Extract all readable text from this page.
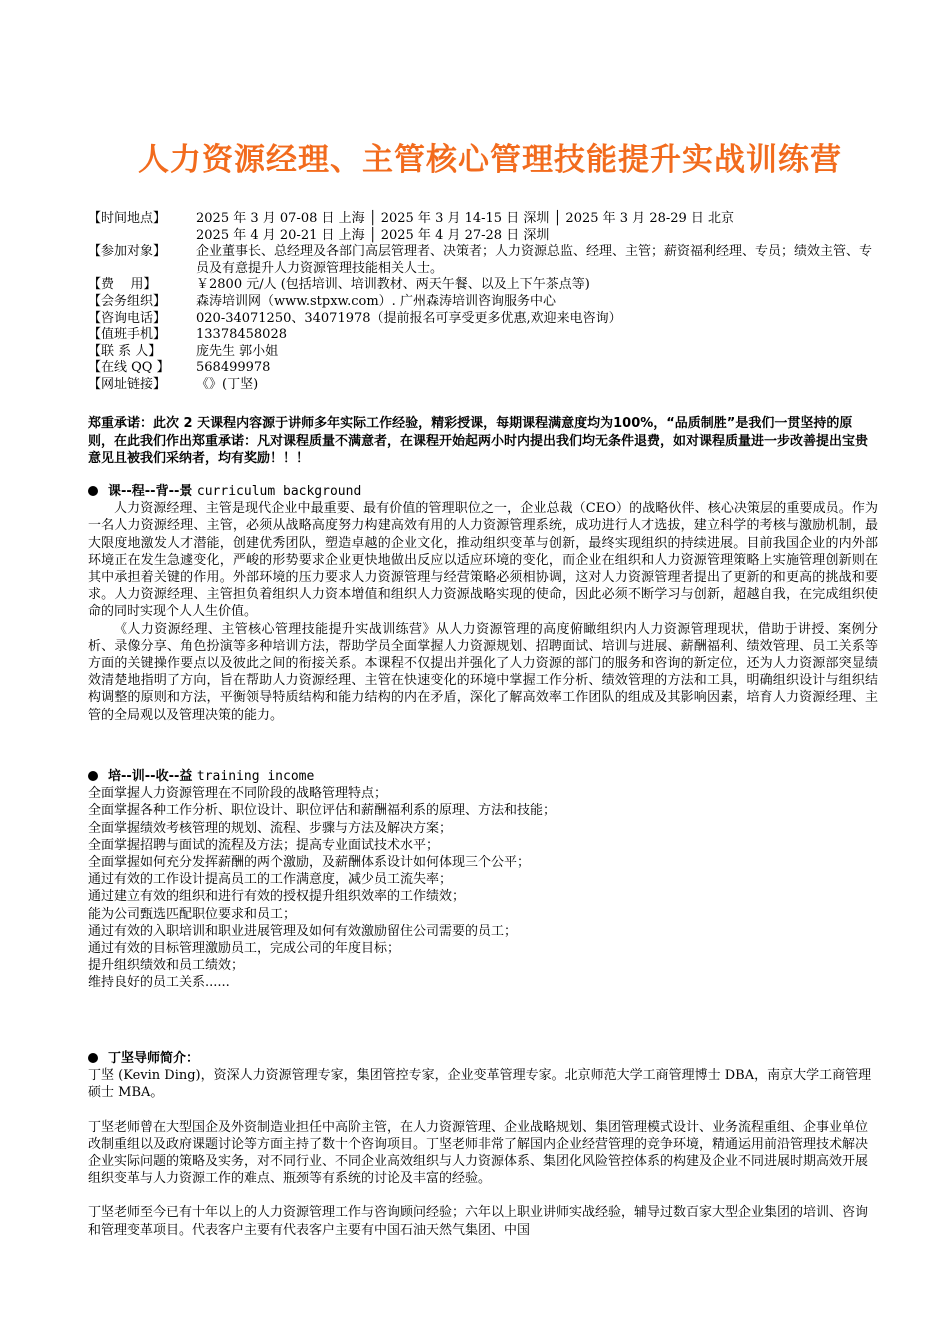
人力资源经理、主管核心管理技能提升实战训练营
【时间地点】	2025 年 3 月 07-08 日 上海 │ 2025 年 3 月 14-15 日 深圳 │ 2025 年 3 月 28-29 日 北京
2025 年 4 月 20-21 日 上海 │ 2025 年 4 月 27-28 日 深圳
【参加对象】	企业董事长、总经理及各部门高层管理者、决策者；人力资源总监、经理、主管；薪资福利经理、专员；绩效主管、专员及有意提升人力资源管理技能相关人士。
【费    用】	￥2800 元/人 (包括培训、培训教材、两天午餐、以及上下午茶点等)
【会务组织】	森涛培训网（www.stpxw.com）. 广州森涛培训咨询服务中心
【咨询电话】	020-34071250、34071978（提前报名可享受更多优惠,欢迎来电咨询）
【值班手机】	13378458028
【联 系 人】	庞先生 郭小姐
【在线 QQ 】	568499978
【网址链接】	《》(丁坚)
郑重承诺：此次 2 天课程内容源于讲师多年实际工作经验，精彩授课，每期课程满意度均为100%，“品质制胜”是我们一贯坚持的原则，在此我们作出郑重承诺：凡对课程质量不满意者，在课程开始起两小时内提出我们均无条件退费，如对课程质量进一步改善提出宝贵意见且被我们采纳者，均有奖励！！！
课--程--背--景 curriculum background
人力资源经理、主管是现代企业中最重要、最有价值的管理职位之一，企业总裁（CEO）的战略伙伴、核心决策层的重要成员。作为一名人力资源经理、主管，必须从战略高度努力构建高效有用的人力资源管理系统，成功进行人才选拔，建立科学的考核与激励机制，最大限度地激发人才潜能，创建优秀团队，塑造卓越的企业文化，推动组织变革与创新，最终实现组织的持续进展。目前我国企业的内外部环境正在发生急遽变化，严峻的形势要求企业更快地做出反应以适应环境的变化，而企业在组织和人力资源管理策略上实施管理创新则在其中承担着关键的作用。外部环境的压力要求人力资源管理与经营策略必须相协调，这对人力资源管理者提出了更新的和更高的挑战和要求。人力资源经理、主管担负着组织人力资本增值和组织人力资源战略实现的使命，因此必须不断学习与创新，超越自我，在完成组织使命的同时实现个人人生价值。
《人力资源经理、主管核心管理技能提升实战训练营》从人力资源管理的高度俯瞰组织内人力资源管理现状，借助于讲授、案例分析、录像分享、角色扮演等多种培训方法，帮助学员全面掌握人力资源规划、招聘面试、培训与进展、薪酬福利、绩效管理、员工关系等方面的关键操作要点以及彼此之间的衔接关系。本课程不仅提出并强化了人力资源的部门的服务和咨询的新定位，还为人力资源部突显绩效清楚地指明了方向，旨在帮助人力资源经理、主管在快速变化的环境中掌握工作分析、绩效管理的方法和工具，明确组织设计与组织结构调整的原则和方法，平衡领导特质结构和能力结构的内在矛盾，深化了解高效率工作团队的组成及其影响因素，培育人力资源经理、主管的全局观以及管理决策的能力。
培--训--收--益 training income
全面掌握人力资源管理在不同阶段的战略管理特点；
全面掌握各种工作分析、职位设计、职位评估和薪酬福利系的原理、方法和技能；
全面掌握绩效考核管理的规划、流程、步骤与方法及解决方案；
全面掌握招聘与面试的流程及方法；提高专业面试技术水平；
全面掌握如何充分发挥薪酬的两个激励，及薪酬体系设计如何体现三个公平；
通过有效的工作设计提高员工的工作满意度，减少员工流失率；
通过建立有效的组织和进行有效的授权提升组织效率的工作绩效；
能为公司甄选匹配职位要求和员工；
通过有效的入职培训和职业进展管理及如何有效激励留住公司需要的员工；
通过有效的目标管理激励员工，完成公司的年度目标；
提升组织绩效和员工绩效；
维持良好的员工关系......
丁坚导师简介：
丁坚 (Kevin Ding)，资深人力资源管理专家，集团管控专家，企业变革管理专家。北京师范大学工商管理博士 DBA，南京大学工商管理硕士 MBA。
丁坚老师曾在大型国企及外资制造业担任中高阶主管，在人力资源管理、企业战略规划、集团管理模式设计、业务流程重组、企事业单位改制重组以及政府课题讨论等方面主持了数十个咨询项目。丁坚老师非常了解国内企业经营管理的竞争环境，精通运用前沿管理技术解决企业实际问题的策略及实务，对不同行业、不同企业高效组织与人力资源体系、集团化风险管控体系的构建及企业不同进展时期高效开展组织变革与人力资源工作的难点、瓶颈等有系统的讨论及丰富的经验。
丁坚老师至今已有十年以上的人力资源管理工作与咨询顾问经验；六年以上职业讲师实战经验，辅导过数百家大型企业集团的培训、咨询和管理变革项目。代表客户主要有代表客户主要有中国石油天然气集团、中国
